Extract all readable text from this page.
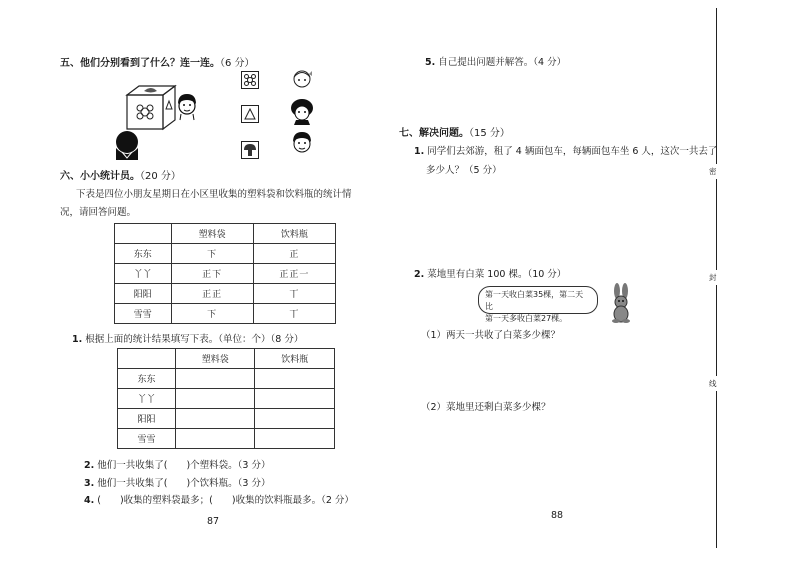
五、他们分别看到了什么？连一连。（6 分）
六、小小统计员。（20 分）
下表是四位小朋友星期日在小区里收集的塑料袋和饮料瓶的统计情
况，请回答问题。
	塑料袋	饮料瓶
东东	下	正
丫丫	正下	正正一
阳阳	正正	丅
雪雪	下	丅
1. 根据上面的统计结果填写下表。（单位：个）（8 分）
	塑料袋	饮料瓶
东东		
丫丫		
阳阳		
雪雪		
2. 他们一共收集了(　　)个塑料袋。（3 分）
3. 他们一共收集了(　　)个饮料瓶。（3 分）
4. (　　)收集的塑料袋最多；(　　)收集的饮料瓶最多。（2 分）
87
5. 自己提出问题并解答。（4 分）
七、解决问题。（15 分）
1. 同学们去郊游，租了 4 辆面包车，每辆面包车坐 6 人，这次一共去了
多少人？（5 分）
2. 菜地里有白菜 100 棵。（10 分）
第一天收白菜35棵，第二天比
第一天多收白菜27棵。
（1）两天一共收了白菜多少棵？
（2）菜地里还剩白菜多少棵？
88
密
封
线
